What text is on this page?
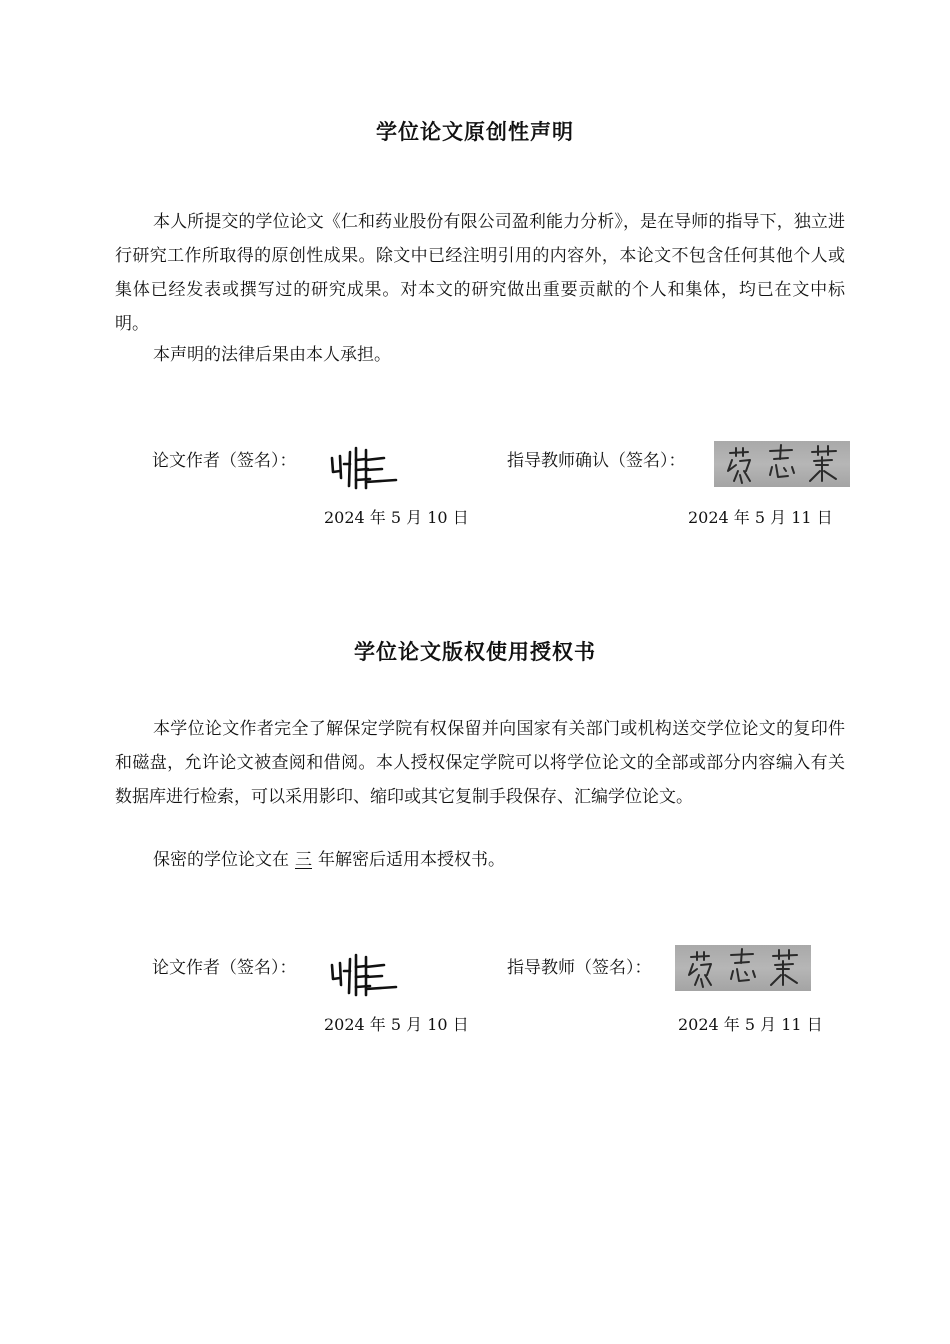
学位论文原创性声明

本人所提交的学位论文《仁和药业股份有限公司盈利能力分析》，是在导师的指导下，独立进行研究工作所取得的原创性成果。除文中已经注明引用的内容外，本论文不包含任何其他个人或集体已经发表或撰写过的研究成果。对本文的研究做出重要贡献的个人和集体，均已在文中标明。

本声明的法律后果由本人承担。

论文作者（签名）：	指导教师确认（签名）：
2024 年 5 月 10 日	2024 年 5 月 11 日
学位论文版权使用授权书

本学位论文作者完全了解保定学院有权保留并向国家有关部门或机构送交学位论文的复印件和磁盘，允许论文被查阅和借阅。本人授权保定学院可以将学位论文的全部或部分内容编入有关数据库进行检索，可以采用影印、缩印或其它复制手段保存、汇编学位论文。

保密的学位论文在 三 年解密后适用本授权书。

论文作者（签名）：	指导教师（签名）：
2024 年 5 月 10 日	2024 年 5 月 11 日
